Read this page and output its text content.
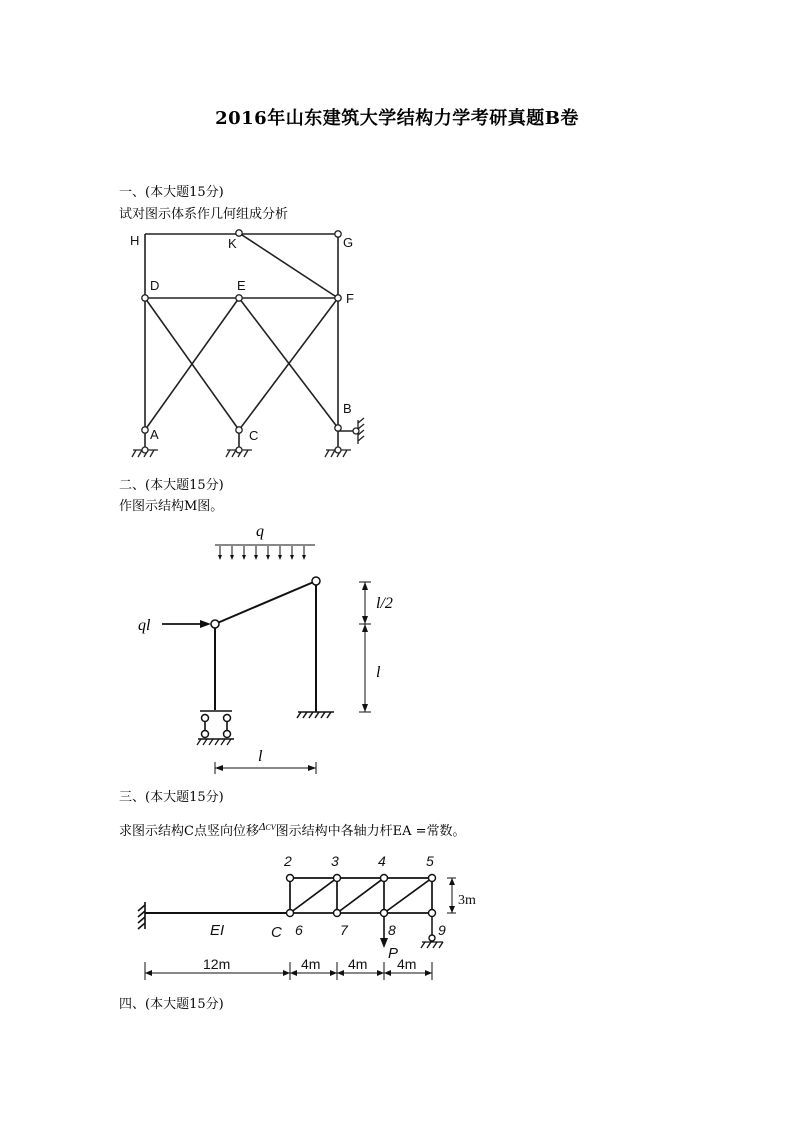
2016年山东建筑大学结构力学考研真题B卷
一、(本大题15分)
试对图示体系作几何组成分析
H	K	G
D	E
F
A	C
B
二、(本大题15分)
作图示结构M图。
q
ql
l/2
l
l
三、(本大题15分)
求图示结构C点竖向位移$^{\Delta CV}$图示结构中各轴力杆EA =常数。
2	3	4	5
6	7	8	9
EI	C
P
3m
12m	4m 4m 4m
四、(本大题15分)
